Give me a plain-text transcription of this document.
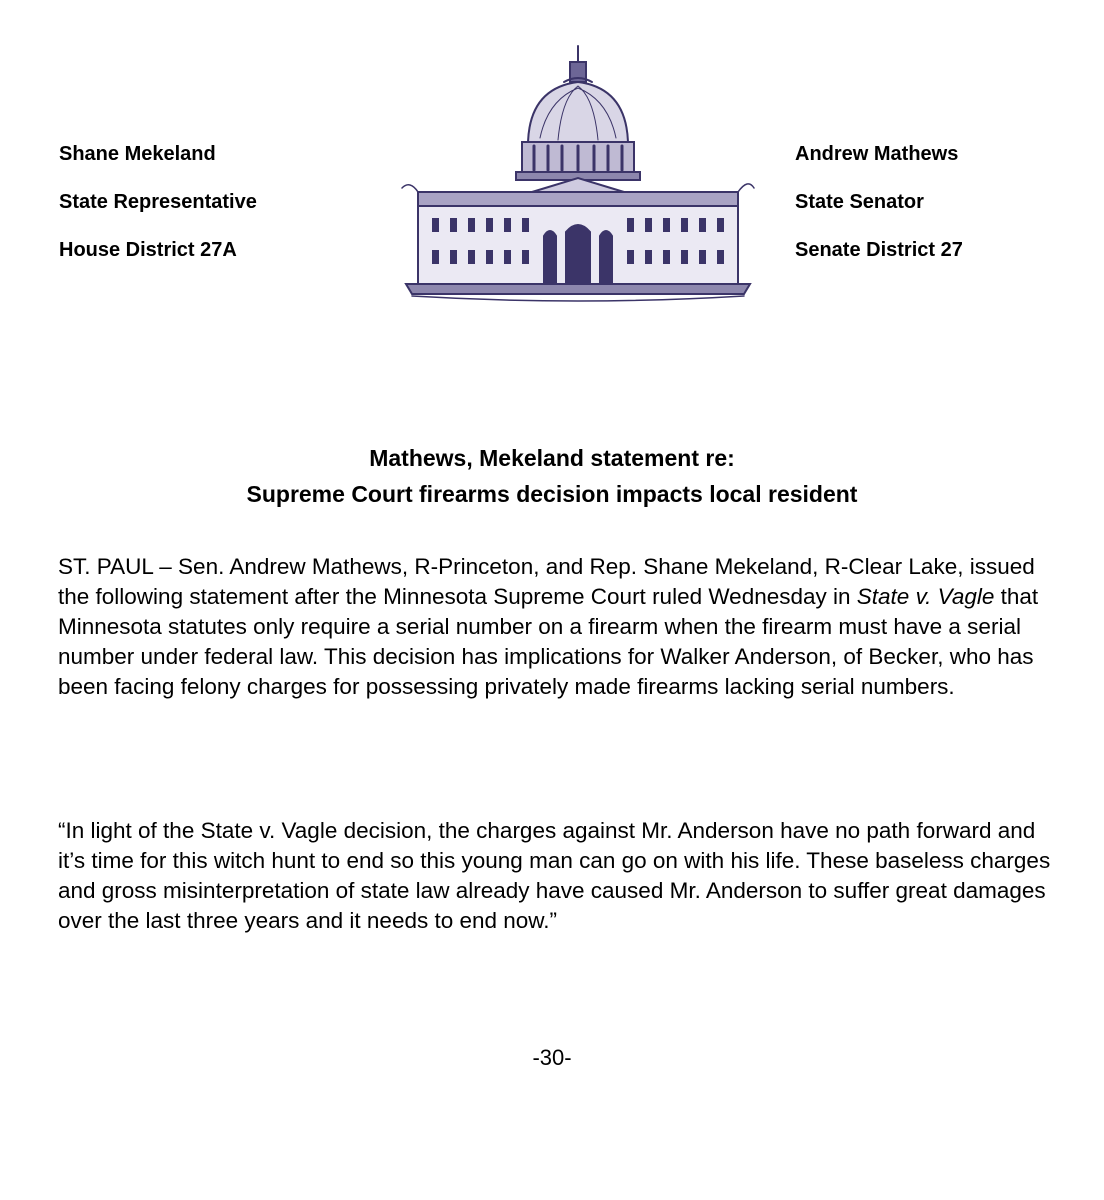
Shane Mekeland
State Representative
House District 27A
Andrew Mathews
State Senator
Senate District 27
Mathews, Mekeland statement re:
Supreme Court firearms decision impacts local resident

ST. PAUL – Sen. Andrew Mathews, R-Princeton, and Rep. Shane Mekeland, R-Clear Lake, issued the following statement after the Minnesota Supreme Court ruled Wednesday in State v. Vagle that Minnesota statutes only require a serial number on a firearm when the firearm must have a serial number under federal law. This decision has implications for Walker Anderson, of Becker, who has been facing felony charges for possessing privately made firearms lacking serial numbers.

“In light of the State v. Vagle decision, the charges against Mr. Anderson have no path forward and it’s time for this witch hunt to end so this young man can go on with his life. These baseless charges and gross misinterpretation of state law already have caused Mr. Anderson to suffer great damages over the last three years and it needs to end now.”

-30-
